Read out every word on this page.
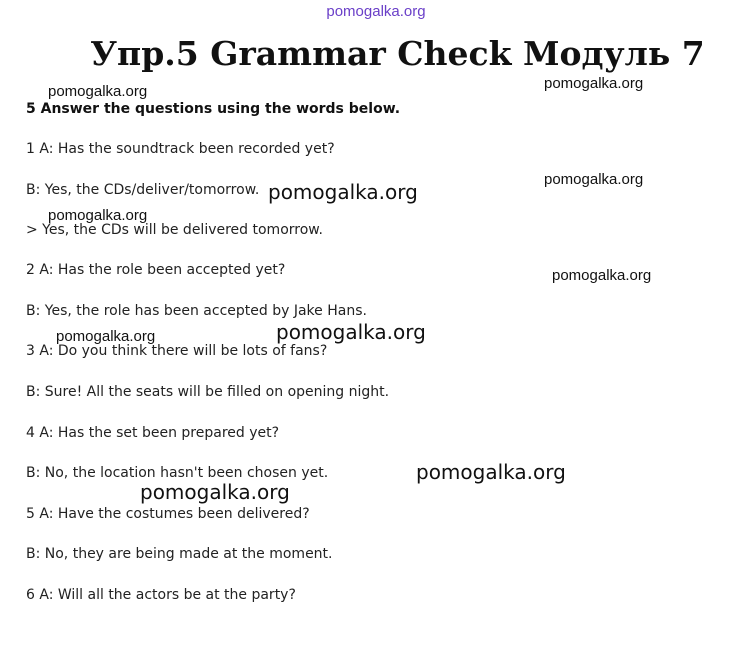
pomogalka.org
Упр.5 Grammar Check Модуль 7
5 Answer the questions using the words below.
1 A: Has the soundtrack been recorded yet?
B: Yes, the CDs/deliver/tomorrow.
> Yes, the CDs will be delivered tomorrow.
2 A: Has the role been accepted yet?
B: Yes, the role has been accepted by Jake Hans.
3 A: Do you think there will be lots of fans?
B: Sure! All the seats will be filled on opening night.
4 A: Has the set been prepared yet?
B: No, the location hasn't been chosen yet.
5 A: Have the costumes been delivered?
B: No, they are being made at the moment.
6 A: Will all the actors be at the party?
pomogalka.org	pomogalka.org
pomogalka.org
pomogalka.org
pomogalka.org
pomogalka.org
pomogalka.org	pomogalka.org
pomogalka.org
pomogalka.org
